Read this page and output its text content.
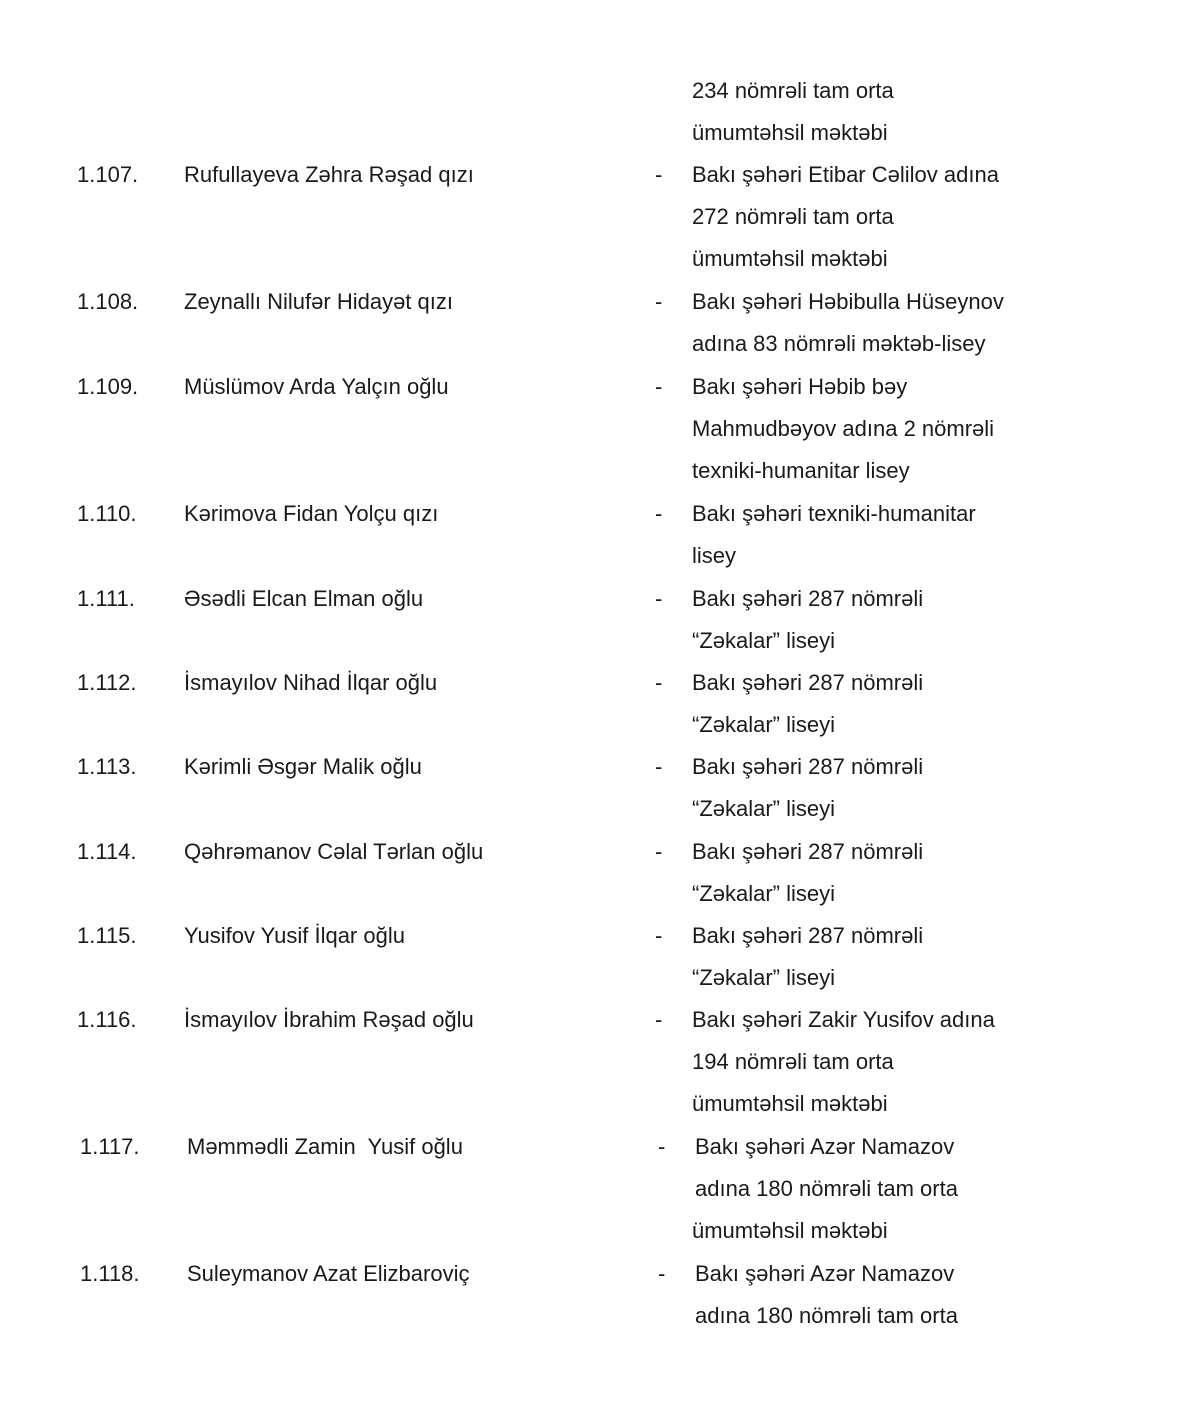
234 nömrəli tam orta
ümumtəhsil məktəbi
1.107. Rufullayeva Zəhra Rəşad qızı	- Bakı şəhəri Etibar Cəlilov adına
272 nömrəli tam orta
ümumtəhsil məktəbi
1.108. Zeynallı Nilufər Hidayət qızı	- Bakı şəhəri Həbibulla Hüseynov
adına 83 nömrəli məktəb-lisey
1.109. Müslümov Arda Yalçın oğlu	- Bakı şəhəri Həbib bəy
Mahmudbəyov adına 2 nömrəli
texniki-humanitar lisey
1.110. Kərimova Fidan Yolçu qızı	- Bakı şəhəri texniki-humanitar
lisey
1.111. Əsədli Elcan Elman oğlu	- Bakı şəhəri 287 nömrəli
“Zəkalar” liseyi
1.112. İsmayılov Nihad İlqar oğlu	- Bakı şəhəri 287 nömrəli
“Zəkalar” liseyi
1.113. Kərimli Əsgər Malik oğlu	- Bakı şəhəri 287 nömrəli
“Zəkalar” liseyi
1.114. Qəhrəmanov Cəlal Tərlan oğlu	- Bakı şəhəri 287 nömrəli
“Zəkalar” liseyi
1.115. Yusifov Yusif İlqar oğlu	- Bakı şəhəri 287 nömrəli
“Zəkalar” liseyi
1.116. İsmayılov İbrahim Rəşad oğlu	- Bakı şəhəri Zakir Yusifov adına
194 nömrəli tam orta
ümumtəhsil məktəbi
1.117. Məmmədli Zamin  Yusif oğlu	- Bakı şəhəri Azər Namazov
adına 180 nömrəli tam orta
ümumtəhsil məktəbi
1.118. Suleymanov Azat Elizbaroviç	- Bakı şəhəri Azər Namazov
adına 180 nömrəli tam orta
